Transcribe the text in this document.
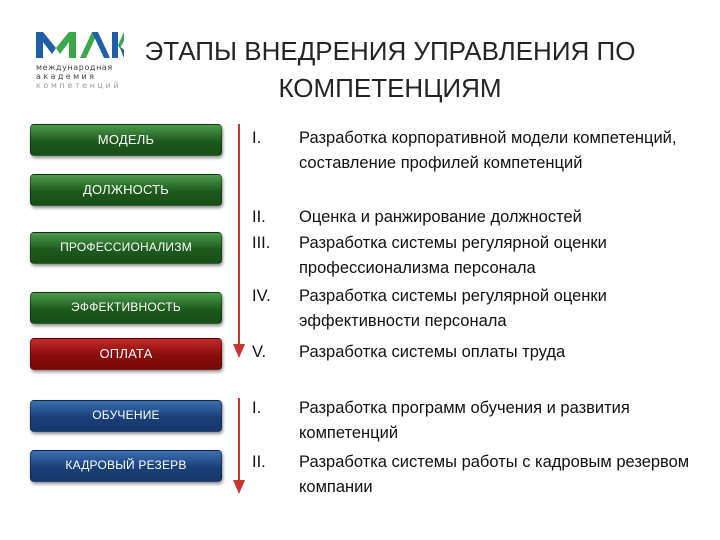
международная
академия
компетенций
ЭТАПЫ ВНЕДРЕНИЯ УПРАВЛЕНИЯ ПО КОМПЕТЕНЦИЯМ
МОДЕЛЬ
ДОЛЖНОСТЬ
ПРОФЕССИОНАЛИЗМ
ЭФФЕКТИВНОСТЬ
ОПЛАТА
ОБУЧЕНИЕ
КАДРОВЫЙ РЕЗЕРВ
I.	Разработка корпоративной модели компетенций, составление профилей компетенций
II.	Оценка и ранжирование должностей
III.	Разработка системы регулярной оценки профессионализма персонала
IV.	Разработка системы регулярной оценки эффективности персонала
V.	Разработка системы оплаты труда
I.	Разработка программ обучения и развития компетенций
II.	Разработка системы работы с кадровым резервом компании
